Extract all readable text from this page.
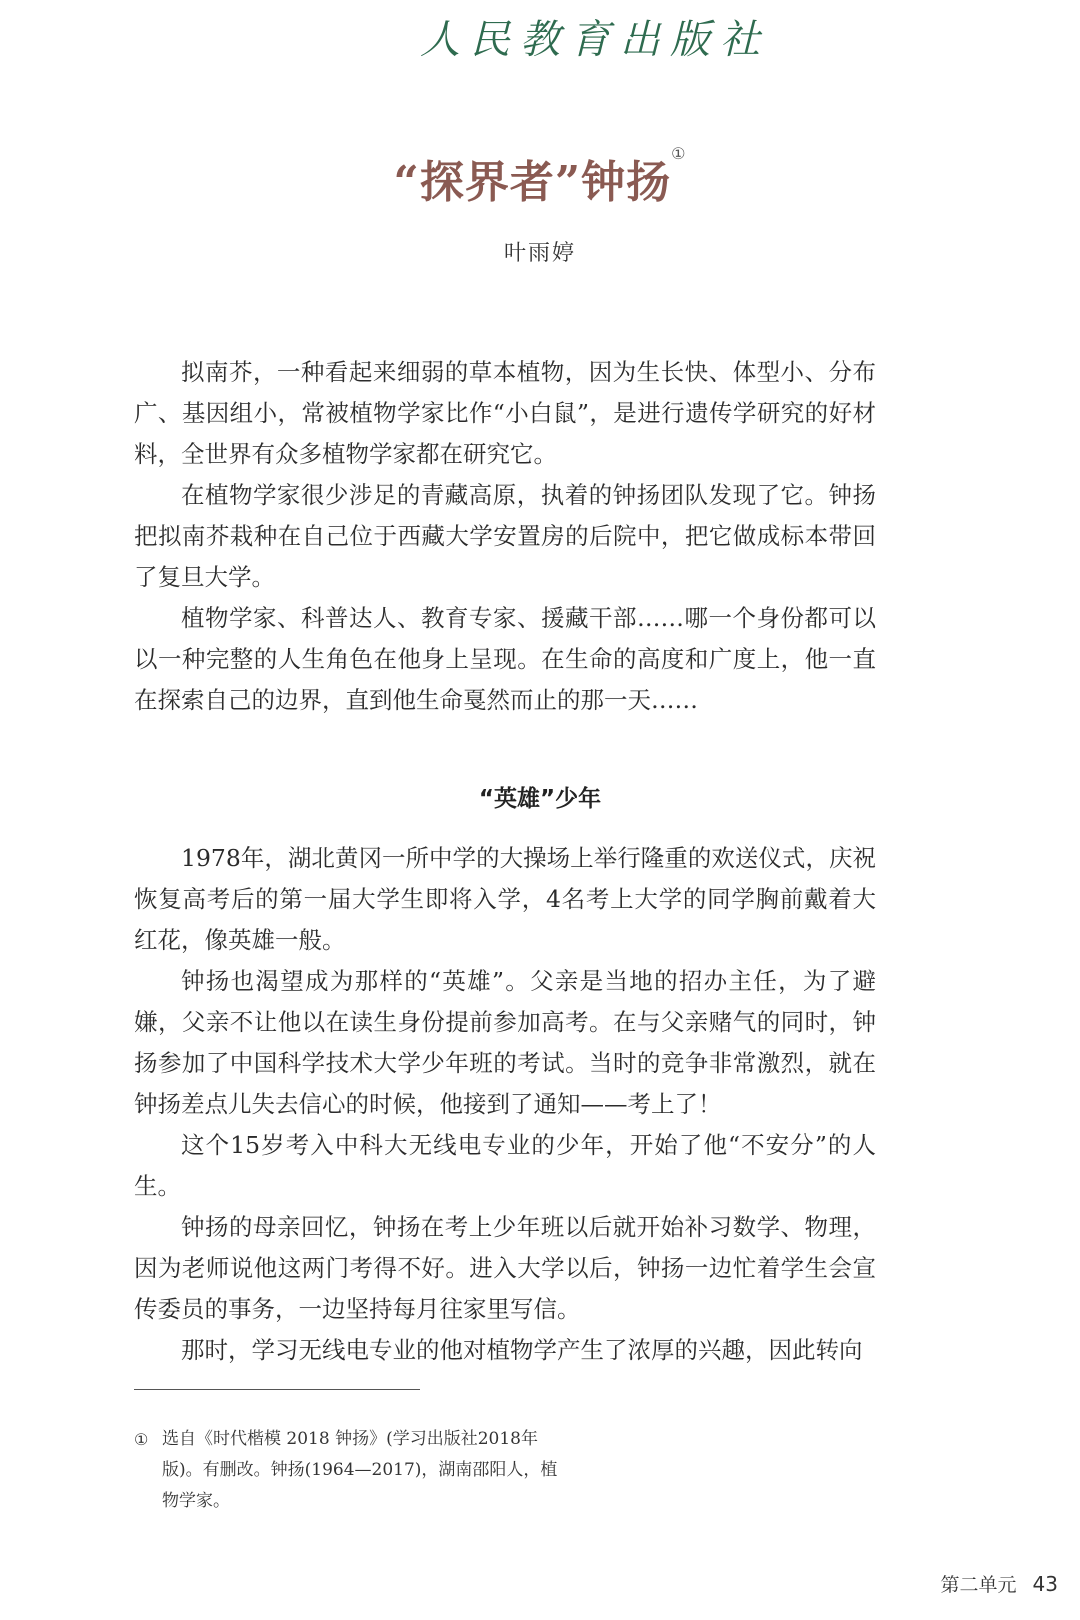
人民教育出版社
“探界者”钟扬①
叶雨婷

拟南芥，一种看起来细弱的草本植物，因为生长快、体型小、分布广、基因组小，常被植物学家比作“小白鼠”，是进行遗传学研究的好材料，全世界有众多植物学家都在研究它。

在植物学家很少涉足的青藏高原，执着的钟扬团队发现了它。钟扬把拟南芥栽种在自己位于西藏大学安置房的后院中，把它做成标本带回了复旦大学。

植物学家、科普达人、教育专家、援藏干部……哪一个身份都可以以一种完整的人生角色在他身上呈现。在生命的高度和广度上，他一直在探索自己的边界，直到他生命戛然而止的那一天……

“英雄”少年

1978年，湖北黄冈一所中学的大操场上举行隆重的欢送仪式，庆祝恢复高考后的第一届大学生即将入学，4名考上大学的同学胸前戴着大红花，像英雄一般。

钟扬也渴望成为那样的“英雄”。父亲是当地的招办主任，为了避嫌，父亲不让他以在读生身份提前参加高考。在与父亲赌气的同时，钟扬参加了中国科学技术大学少年班的考试。当时的竞争非常激烈，就在钟扬差点儿失去信心的时候，他接到了通知——考上了！

这个15岁考入中科大无线电专业的少年，开始了他“不安分”的人生。

钟扬的母亲回忆，钟扬在考上少年班以后就开始补习数学、物理，因为老师说他这两门考得不好。进入大学以后，钟扬一边忙着学生会宣传委员的事务，一边坚持每月往家里写信。

那时，学习无线电专业的他对植物学产生了浓厚的兴趣，因此转向

① 选自《时代楷模 2018 钟扬》(学习出版社2018年版)。有删改。钟扬(1964—2017)，湖南邵阳人，植物学家。
第二单元 43
